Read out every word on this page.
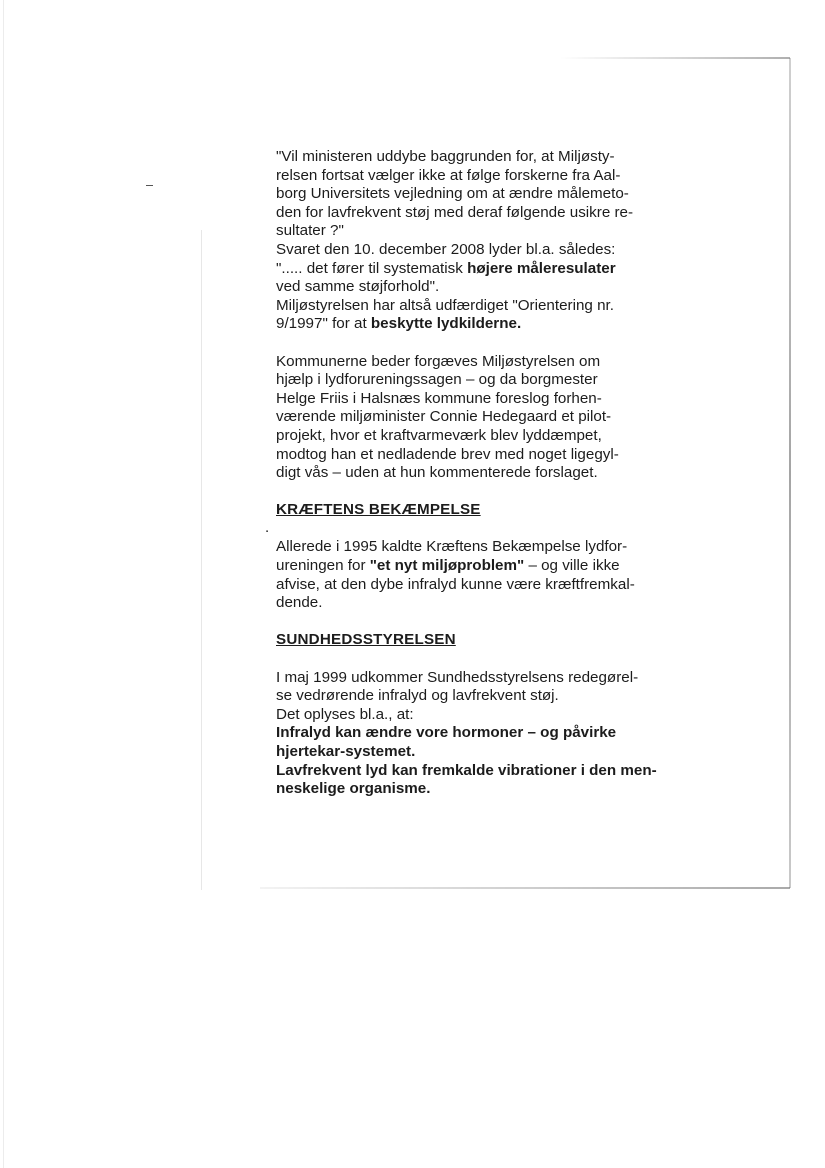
.
"Vil ministeren uddybe baggrunden for, at Miljøsty-
relsen fortsat vælger ikke at følge forskerne fra Aal-
borg Universitets vejledning om at ændre målemeto-
den for lavfrekvent støj med deraf følgende usikre re-
sultater ?"
Svaret den 10. december 2008 lyder bl.a. således:
"..... det fører til systematisk højere måleresulater
ved samme støjforhold".
Miljøstyrelsen har altså udfærdiget "Orientering nr.
9/1997" for at beskytte lydkilderne.
Kommunerne beder forgæves Miljøstyrelsen om
hjælp i lydforureningssagen – og da borgmester
Helge Friis i Halsnæs kommune foreslog forhen-
værende miljøminister Connie Hedegaard et pilot-
projekt, hvor et kraftvarmeværk blev lyddæmpet,
modtog han et nedladende brev med noget ligegyl-
digt vås – uden at hun kommenterede forslaget.
KRÆFTENS BEKÆMPELSE
Allerede i 1995 kaldte Kræftens Bekæmpelse lydfor-
ureningen for "et nyt miljøproblem" – og ville ikke
afvise, at den dybe infralyd kunne være kræftfremkal-
dende.
SUNDHEDSSTYRELSEN
I maj 1999 udkommer Sundhedsstyrelsens redegørel-
se vedrørende infralyd og lavfrekvent støj.
Det oplyses bl.a., at:
Infralyd kan ændre vore hormoner – og påvirke
hjertekar-systemet.
Lavfrekvent lyd kan fremkalde vibrationer i den men-
neskelige organisme.
